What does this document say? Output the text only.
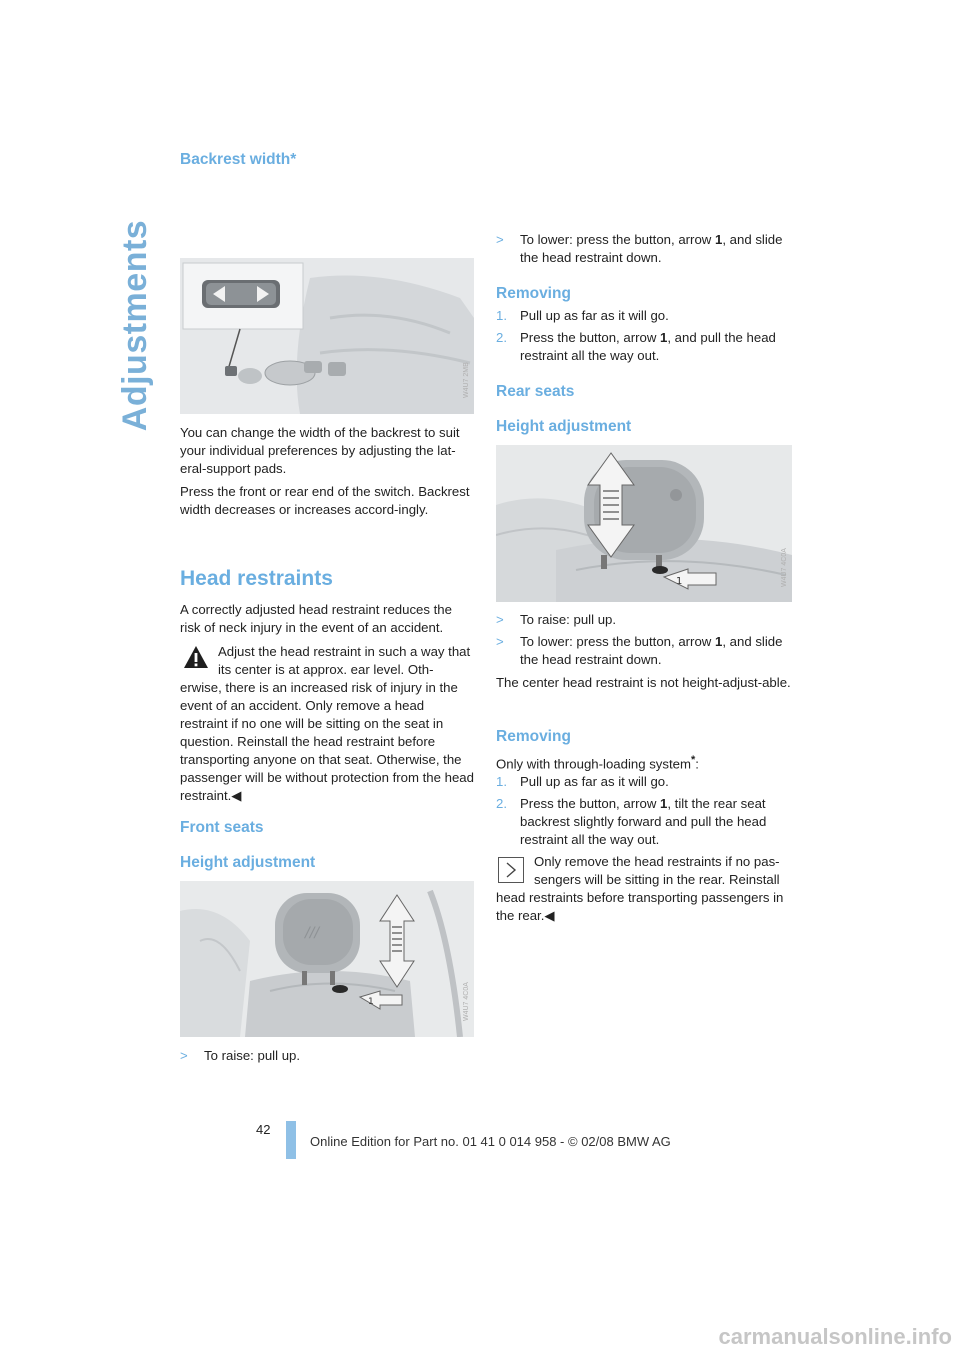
Adjustments
Backrest width*
W4U7 2MB

You can change the width of the backrest to suit your individual preferences by adjusting the lat-eral-support pads.

Press the front or rear end of the switch. Backrest width decreases or increases accord-ingly.

Head restraints

A correctly adjusted head restraint reduces the risk of neck injury in the event of an accident.

Adjust the head restraint in such a way that its center is at approx. ear level. Oth-

erwise, there is an increased risk of injury in the event of an accident. Only remove a head restraint if no one will be sitting on the seat in question. Reinstall the head restraint before transporting anyone on that seat. Otherwise, the passenger will be without protection from the head restraint.◀

Front seats
Height adjustment
///
1	W4U7 4C0A
> To raise: pull up.
> To lower: press the button, arrow 1, and slide the head restraint down.
Removing
1. Pull up as far as it will go.
2. Press the button, arrow 1, and pull the head restraint all the way out.
Rear seats
Height adjustment
1	W4U7 4C0A
> To raise: pull up.
> To lower: press the button, arrow 1, and slide the head restraint down.

The center head restraint is not height-adjust-able.

Removing

Only with through-loading system*:

1. Pull up as far as it will go.
2. Press the button, arrow 1, tilt the rear seat backrest slightly forward and pull the head restraint all the way out.

Only remove the head restraints if no pas-sengers will be sitting in the rear. Reinstall

head restraints before transporting passengers in the rear.◀

42
Online Edition for Part no. 01 41 0 014 958 - © 02/08 BMW AG
carmanualsonline.info
